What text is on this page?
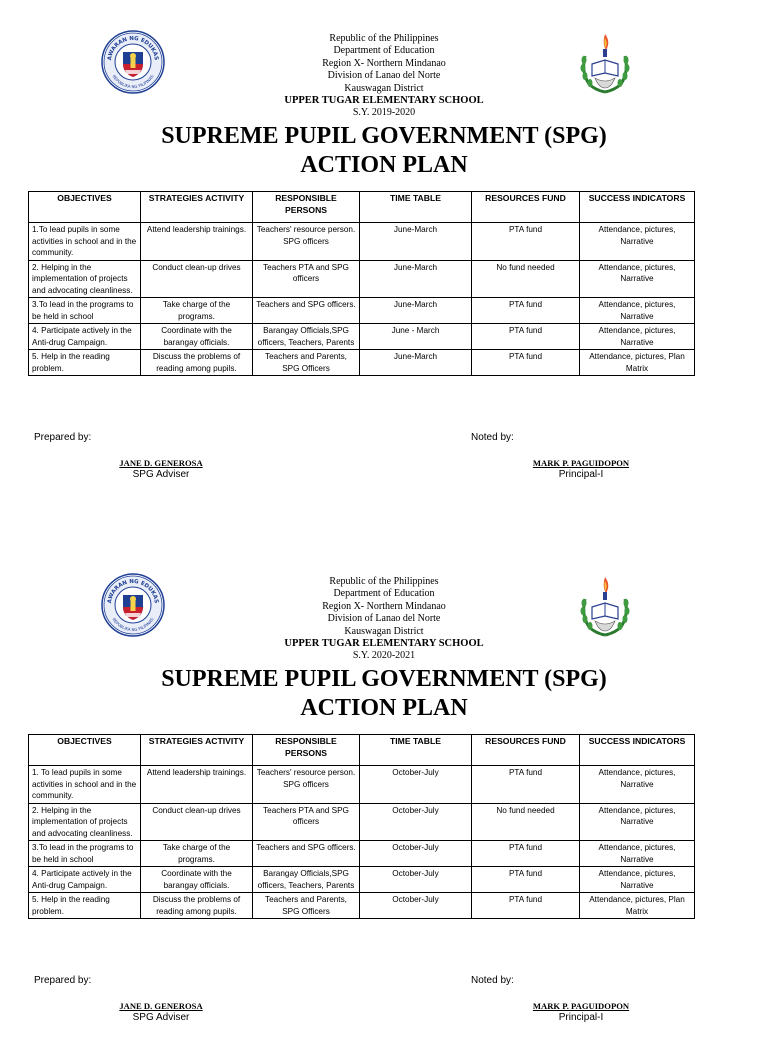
Republic of the Philippines
Department of Education
Region X- Northern Mindanao
Division of Lanao del Norte
Kauswagan District
UPPER TUGAR ELEMENTARY SCHOOL
S.Y. 2019-2020
SUPREME PUPIL GOVERNMENT (SPG)
ACTION PLAN
OBJECTIVES	STRATEGIES ACTIVITY	RESPONSIBLE PERSONS	TIME TABLE	RESOURCES FUND	SUCCESS INDICATORS
1.To lead pupils in some activities in school and in the community.	Attend leadership trainings.	Teachers' resource person. SPG officers	June-March	PTA fund	Attendance, pictures, Narrative
2. Helping in the implementation of projects and advocating cleanliness.	Conduct clean-up drives	Teachers PTA and SPG officers	June-March	No fund needed	Attendance, pictures, Narrative
3.To lead in the programs to be held in school	Take charge of the programs.	Teachers and SPG officers.	June-March	PTA fund	Attendance, pictures, Narrative
4. Participate actively in the Anti-drug Campaign.	Coordinate with the barangay officials.	Barangay Officials,SPG officers, Teachers, Parents	June - March	PTA fund	Attendance, pictures, Narrative
5. Help in the reading problem.	Discuss the problems of reading among pupils.	Teachers and Parents, SPG Officers	June-March	PTA fund	Attendance, pictures, Plan Matrix
Prepared by:	Noted by:
JANE D. GENEROSA
SPG Adviser
MARK P. PAGUIDOPON
Principal-I
Republic of the Philippines
Department of Education
Region X- Northern Mindanao
Division of Lanao del Norte
Kauswagan District
UPPER TUGAR ELEMENTARY SCHOOL
S.Y. 2020-2021
SUPREME PUPIL GOVERNMENT (SPG)
ACTION PLAN
OBJECTIVES	STRATEGIES ACTIVITY	RESPONSIBLE PERSONS	TIME TABLE	RESOURCES FUND	SUCCESS INDICATORS
1. To lead pupils in some activities in school and in the community.	Attend leadership trainings.	Teachers' resource person. SPG officers	October-July	PTA fund	Attendance, pictures, Narrative
2. Helping in the implementation of projects and advocating cleanliness.	Conduct clean-up drives	Teachers PTA and SPG officers	October-July	No fund needed	Attendance, pictures, Narrative
3.To lead in the programs to be held in school	Take charge of the programs.	Teachers and SPG officers.	October-July	PTA fund	Attendance, pictures, Narrative
4. Participate actively in the Anti-drug Campaign.	Coordinate with the barangay officials.	Barangay Officials,SPG officers, Teachers, Parents	October-July	PTA fund	Attendance, pictures, Narrative
5. Help in the reading problem.	Discuss the problems of reading among pupils.	Teachers and Parents, SPG Officers	October-July	PTA fund	Attendance, pictures, Plan Matrix
Prepared by:	Noted by:
JANE D. GENEROSA
SPG Adviser
MARK P. PAGUIDOPON
Principal-I
